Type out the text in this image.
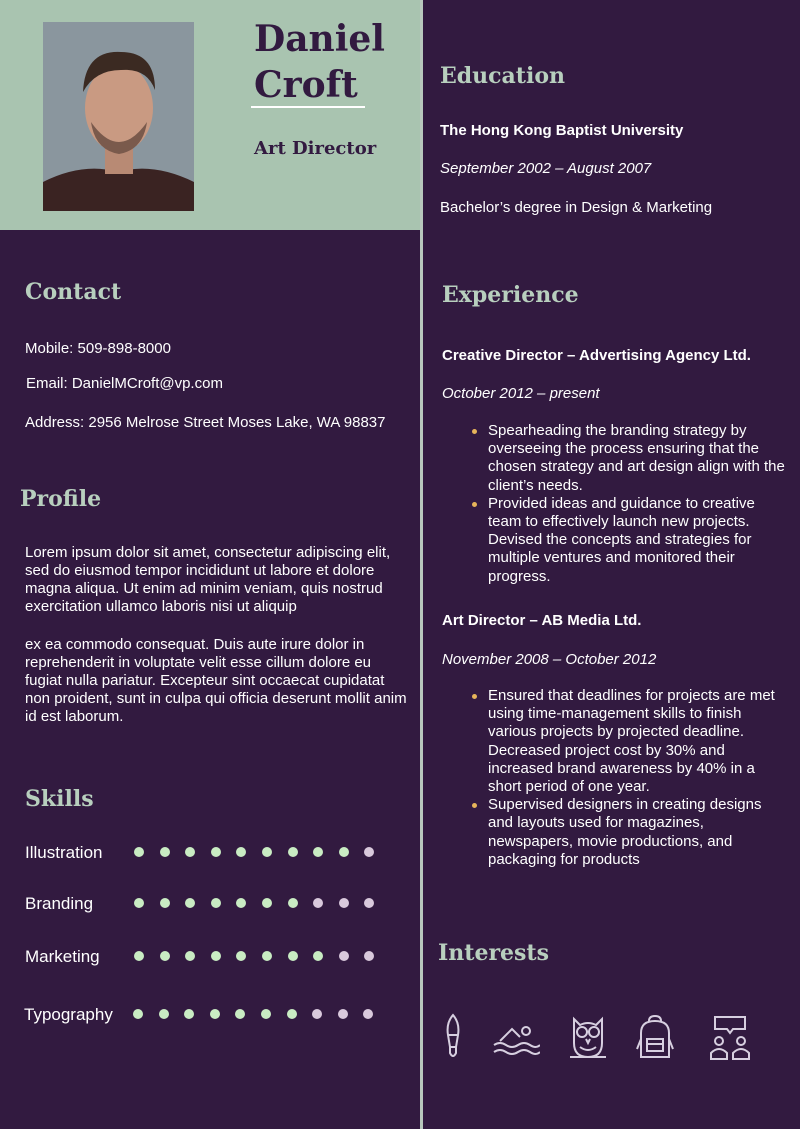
Daniel
Croft
Art Director
Contact
Mobile: 509-898-8000
Email: DanielMCroft@vp.com
Address: 2956 Melrose Street Moses Lake, WA 98837
Profile
Lorem ipsum dolor sit amet, consectetur adipiscing elit, sed do eiusmod tempor incididunt ut labore et dolore magna aliqua. Ut enim ad minim veniam, quis nostrud exercitation ullamco laboris nisi ut aliquip
ex ea commodo consequat. Duis aute irure dolor in reprehenderit in voluptate velit esse cillum dolore eu fugiat nulla pariatur. Excepteur sint occaecat cupidatat non proident, sunt in culpa qui officia deserunt mollit anim id est laborum.
Skills
Illustration
Branding
Marketing
Typography
Education
The Hong Kong Baptist University
September 2002 – August 2007
Bachelor’s degree in Design & Marketing
Experience
Creative Director – Advertising Agency Ltd.
October 2012 – present
Spearheading the branding strategy by overseeing the process ensuring that the chosen strategy and art design align with the client’s needs.
Provided ideas and guidance to creative team to effectively launch new projects. Devised the concepts and strategies for multiple ventures and monitored their progress.
Art Director – AB Media Ltd.
November 2008 – October 2012
Ensured that deadlines for projects are met using time-management skills to finish various projects by projected deadline. Decreased project cost by 30% and increased brand awareness by 40% in a short period of one year.
Supervised designers in creating designs and layouts used for magazines, newspapers, movie productions, and packaging for products
Interests
